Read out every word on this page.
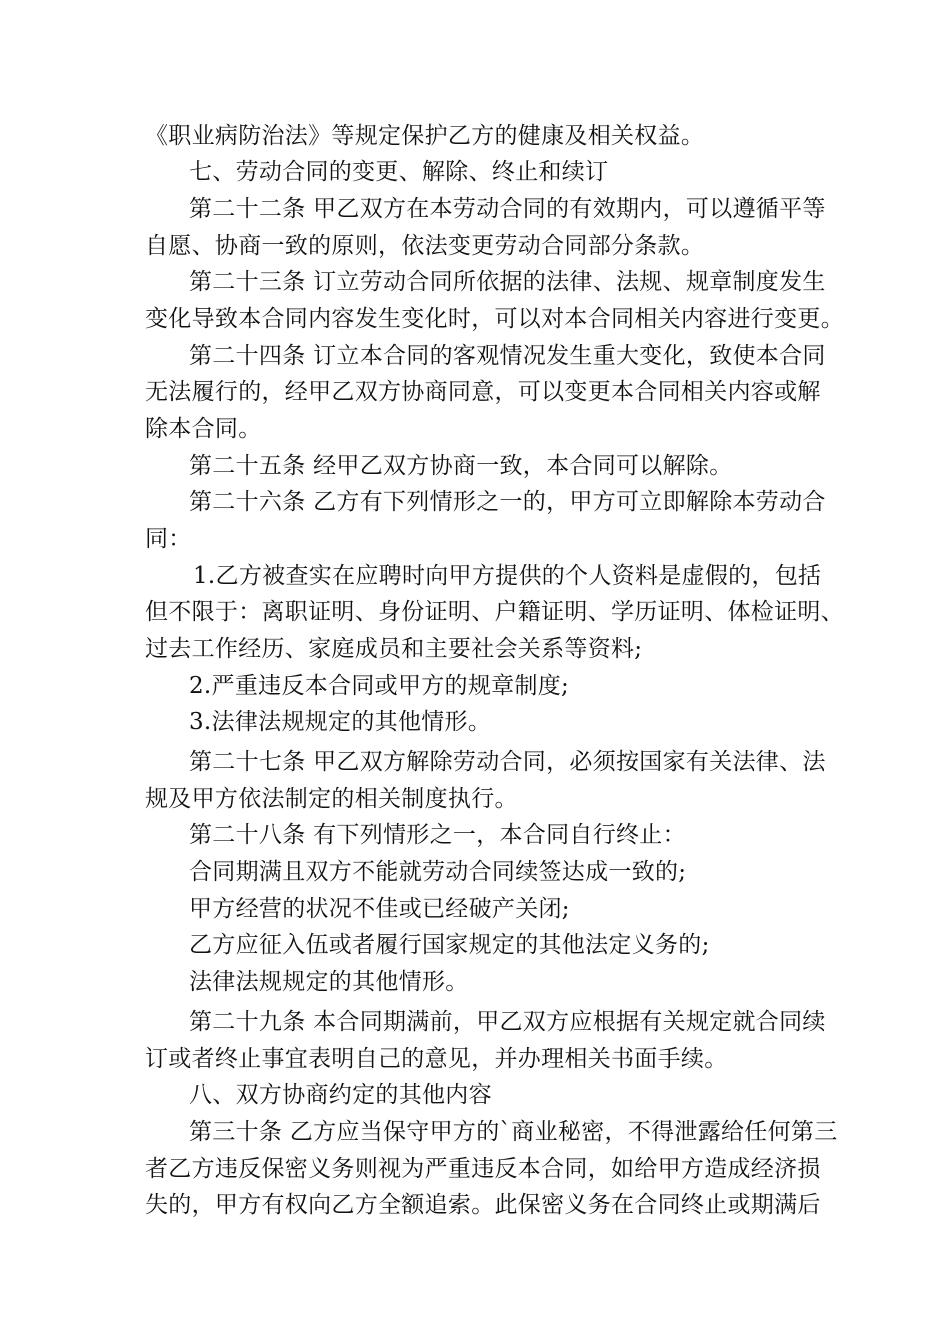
《职业病防治法》等规定保护乙方的健康及相关权益。
七、劳动合同的变更、解除、终止和续订
第二十二条 甲乙双方在本劳动合同的有效期内，可以遵循平等
自愿、协商一致的原则，依法变更劳动合同部分条款。
第二十三条 订立劳动合同所依据的法律、法规、规章制度发生
变化导致本合同内容发生变化时，可以对本合同相关内容进行变更。
第二十四条 订立本合同的客观情况发生重大变化，致使本合同
无法履行的，经甲乙双方协商同意，可以变更本合同相关内容或解
除本合同。
第二十五条 经甲乙双方协商一致，本合同可以解除。
第二十六条 乙方有下列情形之一的，甲方可立即解除本劳动合
同：
1.乙方被查实在应聘时向甲方提供的个人资料是虚假的，包括
但不限于：离职证明、身份证明、户籍证明、学历证明、体检证明、
过去工作经历、家庭成员和主要社会关系等资料;
2.严重违反本合同或甲方的规章制度;
3.法律法规规定的其他情形。
第二十七条 甲乙双方解除劳动合同，必须按国家有关法律、法
规及甲方依法制定的相关制度执行。
第二十八条 有下列情形之一，本合同自行终止：
合同期满且双方不能就劳动合同续签达成一致的;
甲方经营的状况不佳或已经破产关闭;
乙方应征入伍或者履行国家规定的其他法定义务的;
法律法规规定的其他情形。
第二十九条 本合同期满前，甲乙双方应根据有关规定就合同续
订或者终止事宜表明自己的意见，并办理相关书面手续。
八、双方协商约定的其他内容
第三十条 乙方应当保守甲方的`商业秘密，不得泄露给任何第三
者乙方违反保密义务则视为严重违反本合同，如给甲方造成经济损
失的，甲方有权向乙方全额追索。此保密义务在合同终止或期满后
